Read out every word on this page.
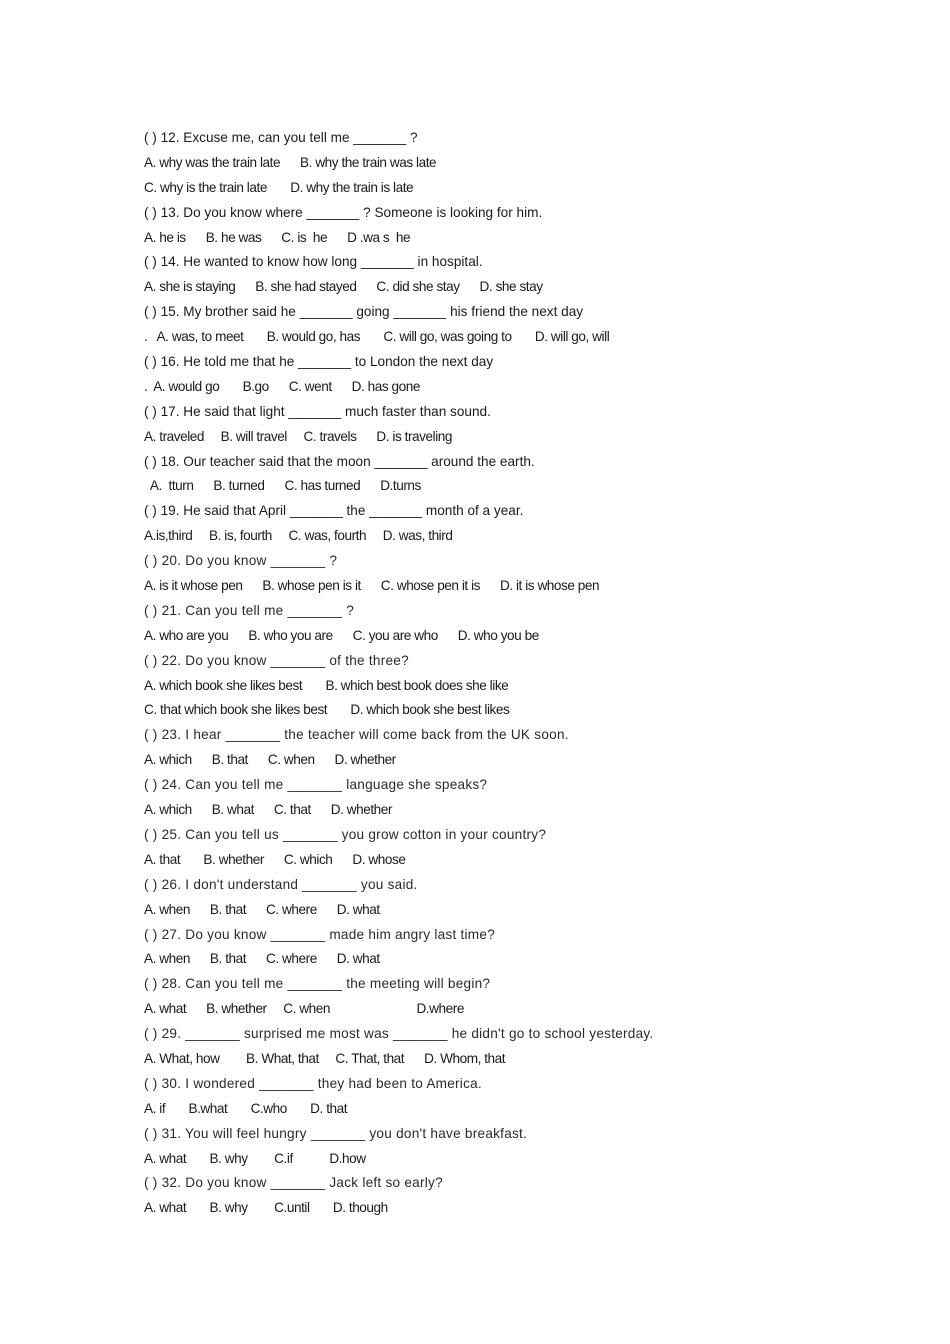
( ) 12. Excuse me, can you tell me _______ ?
A. why was the train late      B. why the train was late
C. why is the train late       D. why the train is late
( ) 13. Do you know where _______ ? Someone is looking for him.
A. he is      B. he was      C. is  he      D .wa s  he
( ) 14. He wanted to know how long _______ in hospital.
A. she is staying      B. she had stayed      C. did she stay      D. she stay
( ) 15. My brother said he _______ going _______ his friend the next day
.   A. was, to meet       B. would go, has       C. will go, was going to       D. will go, will
( ) 16. He told me that he _______ to London the next day
.  A. would go       B.go      C. went      D. has gone
( ) 17. He said that light _______ much faster than sound.
A. traveled     B. will travel     C. travels      D. is traveling
( ) 18. Our teacher said that the moon _______ around the earth.
A.  tturn      B. turned      C. has turned      D.turns
( ) 19. He said that April _______ the _______ month of a year.
A.is,third     B. is, fourth     C. was, fourth     D. was, third
( ) 20. Do you know _______ ?
A. is it whose pen      B. whose pen is it      C. whose pen it is      D. it is whose pen
( ) 21. Can you tell me _______ ?
A. who are you      B. who you are      C. you are who      D. who you be
( ) 22. Do you know _______ of the three?
A. which book she likes best       B. which best book does she like
C. that which book she likes best       D. which book she best likes
( ) 23. I hear _______ the teacher will come back from the UK soon.
A. which      B. that      C. when      D. whether
( ) 24. Can you tell me _______ language she speaks?
A. which      B. what      C. that      D. whether
( ) 25. Can you tell us _______ you grow cotton in your country?
A. that       B. whether      C. which      D. whose
( ) 26. I don't understand _______ you said.
A. when      B. that      C. where      D. what
( ) 27. Do you know _______ made him angry last time?
A. when      B. that      C. where      D. what
( ) 28. Can you tell me _______ the meeting will begin?
A. what      B. whether     C. when                          D.where
( ) 29. _______ surprised me most was _______ he didn't go to school yesterday.
A. What, how        B. What, that     C. That, that      D. Whom, that
( ) 30. I wondered _______ they had been to America.
A. if       B.what       C.who       D. that
( ) 31. You will feel hungry _______ you don't have breakfast.
A. what       B. why        C.if           D.how
( ) 32. Do you know _______ Jack left so early?
A. what       B. why        C.until       D. though
